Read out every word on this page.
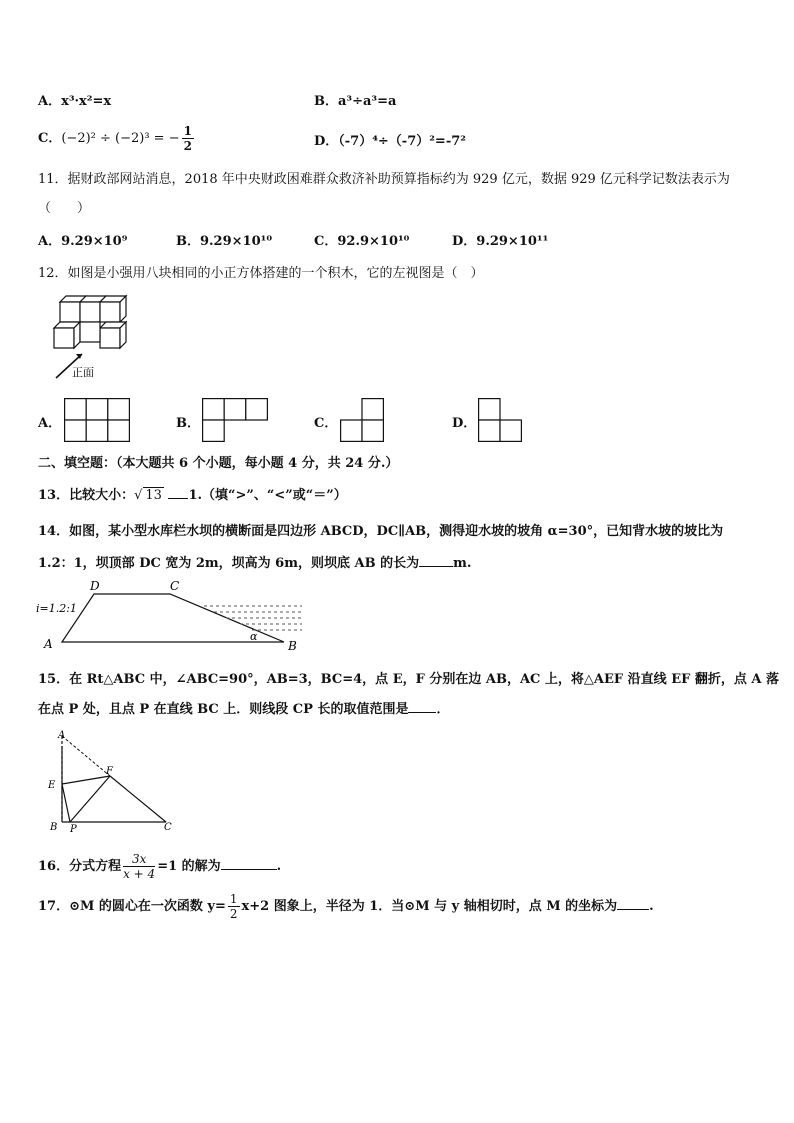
A．x³·x²=x	B．a³÷a³=a
C．(−2)² ÷ (−2)³ = − $\frac{1}{2}$	D．（-7）⁴÷（-7）²=-7²
11．据财政部网站消息，2018 年中央财政困难群众救济补助预算指标约为 929 亿元，数据 929 亿元科学记数法表示为
（　　）
A．9.29×10⁹	B．9.29×10¹⁰	C．92.9×10¹⁰	D．9.29×10¹¹
12．如图是小强用八块相同的小正方体搭建的一个积木，它的左视图是（　）
正面
A．	B．	C．	D．
二、填空题：（本大题共 6 个小题，每小题 4 分，共 24 分.）
13．比较大小：√ 13 1.（填“>”、“<”或“＝”）
14．如图，某小型水库栏水坝的横断面是四边形 ABCD，DC∥AB，测得迎水坡的坡角 α=30°，已知背水坡的坡比为
1.2：1，坝顶部 DC 宽为 2m，坝高为 6m，则坝底 AB 的长为	m.
D	C
A	B
i=1.2:1
α
15．在 Rt△ABC 中，∠ABC=90°，AB=3，BC=4，点 E，F 分别在边 AB，AC 上，将△AEF 沿直线 EF 翻折，点 A 落
在点 P 处，且点 P 在直线 BC 上．则线段 CP 长的取值范围是 ．
A
E
F
B P	C
16．分式方程 $\frac{3x}{x + 4} =1$ 的解为	.
17．⊙M 的圆心在一次函数 $y= \frac{1}{2} x+2$ 图象上，半径为 1．当⊙M 与 y 轴相切时，点 M 的坐标为 .
